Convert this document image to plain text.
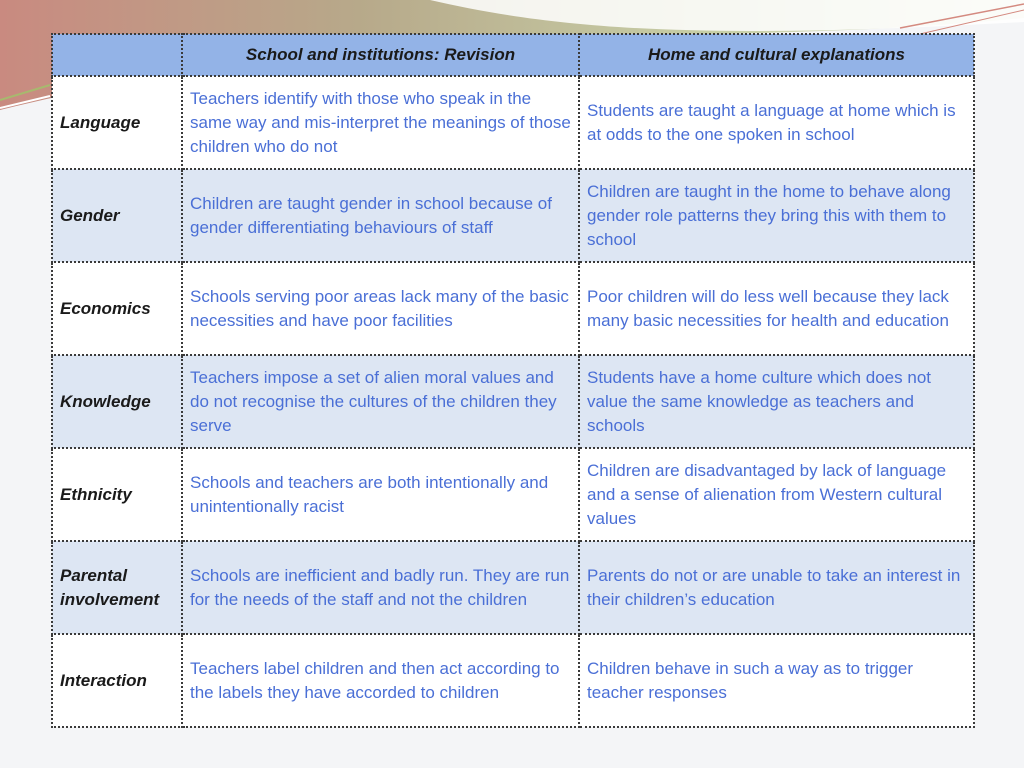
	School and institutions: Revision	Home and cultural explanations
Language	Teachers identify with those who speak in the same way and mis-interpret the meanings of those children who do not	Students are taught a language at home which is at odds to the one spoken in school
Gender	Children are taught gender in school because of gender differentiating behaviours of staff	Children are taught in the home to behave along gender role patterns they bring this with them to school
Economics	Schools serving poor areas lack many of the basic necessities and have poor facilities	Poor children will do less well because they lack many basic necessities for health and education
Knowledge	Teachers impose a set of alien moral values and do not recognise the cultures of the children they serve	Students have a home culture which does not value the same knowledge as teachers and schools
Ethnicity	Schools and teachers are both intentionally and unintentionally racist	Children are disadvantaged by lack of language and a sense of alienation from Western cultural values
Parental involvement	Schools are inefficient and badly run. They are run for the needs of the staff and not the children	Parents do not or are unable to take an interest in their children’s education
Interaction	Teachers label children and then act according to the labels they have accorded to children	Children behave in such a way as to trigger teacher responses
